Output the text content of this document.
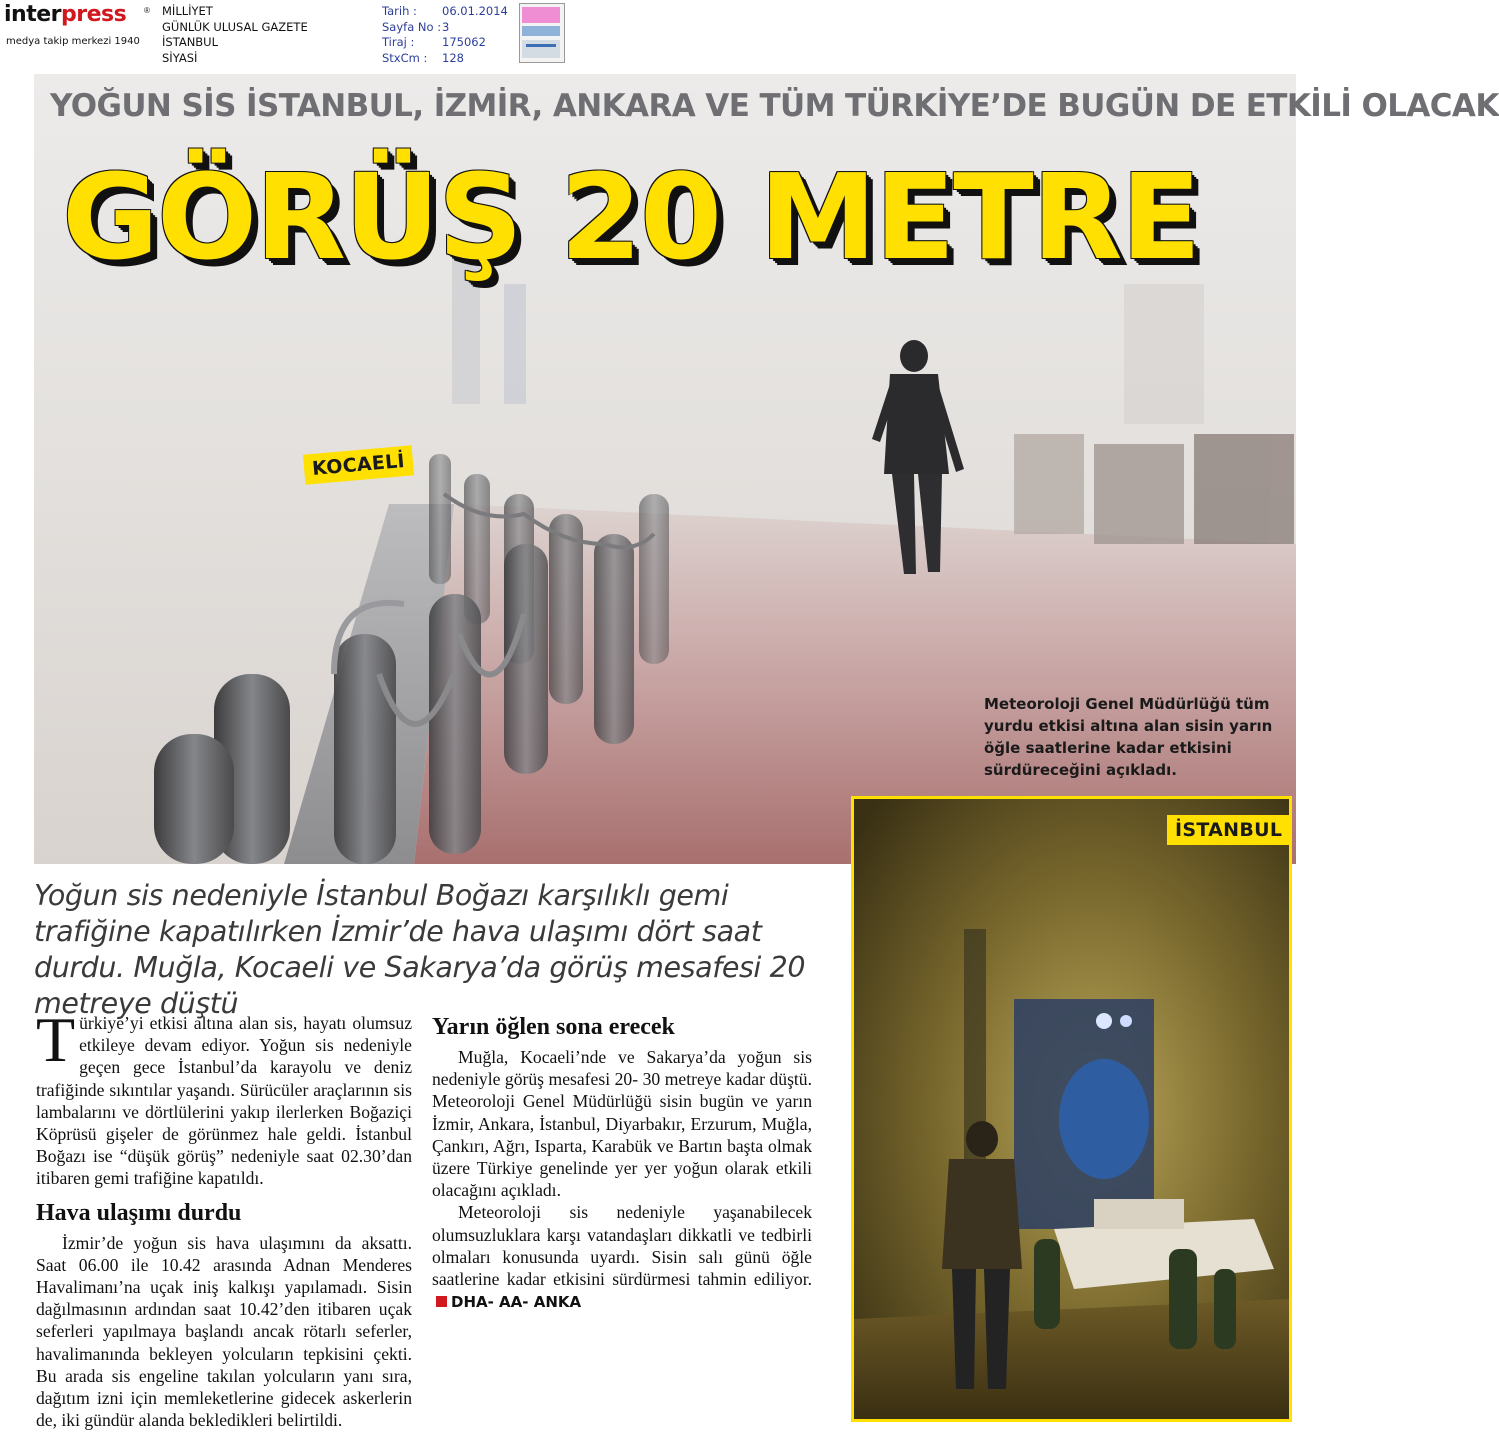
interpress ®
medya takip merkezi 1940
MİLLİYET
GÜNLÜK ULUSAL GAZETE
İSTANBUL
SİYASİ
Tarih :
Sayfa No :
Tiraj :
StxCm :
06.01.2014
3
175062
128
YOĞUN SİS İSTANBUL, İZMİR, ANKARA VE TÜM TÜRKİYE’DE BUGÜN DE ETKİLİ OLACAK
GÖRÜŞ 20 METRE
KOCAELİ
Meteoroloji Genel Müdürlüğü tüm yurdu etkisi altına alan sisin yarın öğle saatlerine kadar etkisini sürdüreceğini açıkladı.
İSTANBUL
Yoğun sis nedeniyle İstanbul Boğazı karşılıklı gemi trafiğine kapatılırken İzmir’de hava ulaşımı dört saat durdu. Muğla, Kocaeli ve Sakarya’da görüş mesafesi 20 metreye düştü

Türkiye’yi etkisi altına alan sis, hayatı olumsuz etkileye devam ediyor. Yoğun sis nedeniyle geçen gece İstanbul’da karayolu ve deniz trafiğinde sıkıntılar yaşandı. Sürücüler araçlarının sis lambalarını ve dörtlülerini yakıp ilerlerken Boğaziçi Köprüsü gişeler de görünmez hale geldi. İstanbul Boğazı ise “düşük görüş” nedeniyle saat 02.30’dan itibaren gemi trafiğine kapatıldı.

Hava ulaşımı durdu

İzmir’de yoğun sis hava ulaşımını da aksattı. Saat 06.00 ile 10.42 arasında Adnan Menderes Havalimanı’na uçak iniş kalkışı yapılamadı. Sisin dağılmasının ardından saat 10.42’den itibaren uçak seferleri yapılmaya başlandı ancak rötarlı seferler, havalimanında bekleyen yolcuların tepkisini çekti. Bu arada sis engeline takılan yolcuların yanı sıra, dağıtım izni için memleketlerine gidecek askerlerin de, iki gündür alanda bekledikleri belirtildi.

Yarın öğlen sona erecek

Muğla, Kocaeli’nde ve Sakarya’da yoğun sis nedeniyle görüş mesafesi 20- 30 metreye kadar düştü. Meteoroloji Genel Müdürlüğü sisin bugün ve yarın İzmir, Ankara, İstanbul, Diyarbakır, Erzurum, Muğla, Çankırı, Ağrı, Isparta, Karabük ve Bartın başta olmak üzere Türkiye genelinde yer yer yoğun olarak etkili olacağını açıkladı.

Meteoroloji sis nedeniyle yaşanabilecek olumsuzluklara karşı vatandaşları dikkatli ve tedbirli olmaları konusunda uyardı. Sisin salı günü öğle saatlerine kadar etkisini sürdürmesi tahmin ediliyor.DHA- AA- ANKA
